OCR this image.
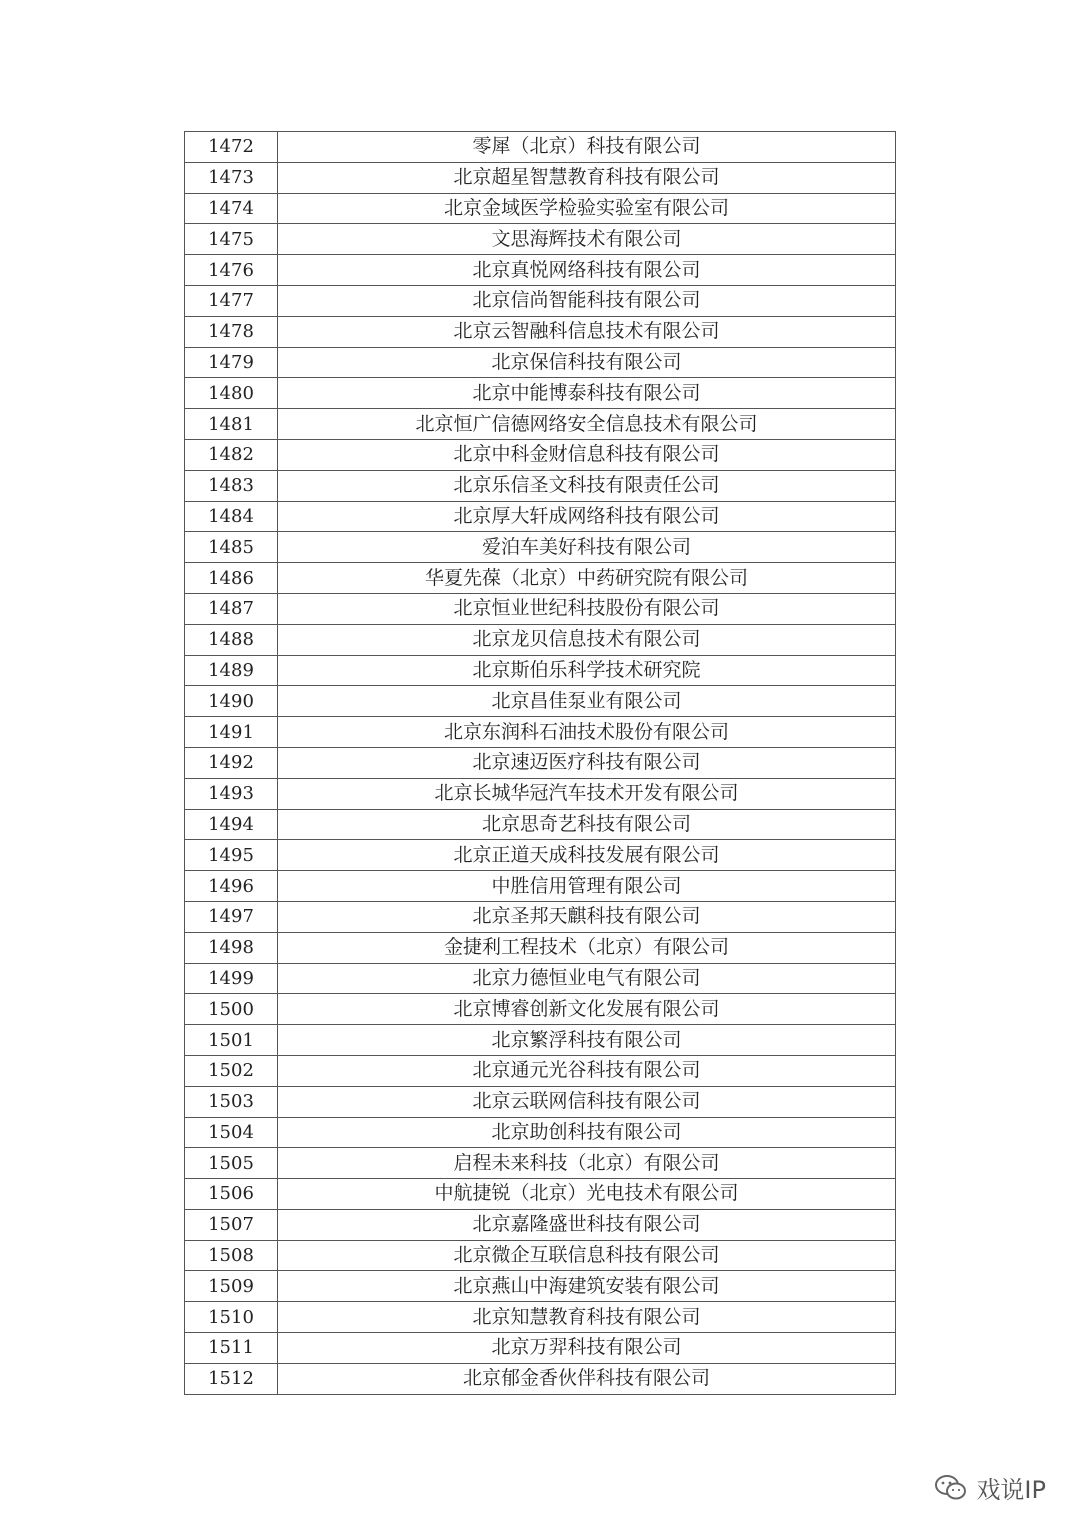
1472	零犀（北京）科技有限公司
1473	北京超星智慧教育科技有限公司
1474	北京金域医学检验实验室有限公司
1475	文思海辉技术有限公司
1476	北京真悦网络科技有限公司
1477	北京信尚智能科技有限公司
1478	北京云智融科信息技术有限公司
1479	北京保信科技有限公司
1480	北京中能博泰科技有限公司
1481	北京恒广信德网络安全信息技术有限公司
1482	北京中科金财信息科技有限公司
1483	北京乐信圣文科技有限责任公司
1484	北京厚大轩成网络科技有限公司
1485	爱泊车美好科技有限公司
1486	华夏先葆（北京）中药研究院有限公司
1487	北京恒业世纪科技股份有限公司
1488	北京龙贝信息技术有限公司
1489	北京斯伯乐科学技术研究院
1490	北京昌佳泵业有限公司
1491	北京东润科石油技术股份有限公司
1492	北京速迈医疗科技有限公司
1493	北京长城华冠汽车技术开发有限公司
1494	北京思奇艺科技有限公司
1495	北京正道天成科技发展有限公司
1496	中胜信用管理有限公司
1497	北京圣邦天麒科技有限公司
1498	金捷利工程技术（北京）有限公司
1499	北京力德恒业电气有限公司
1500	北京博睿创新文化发展有限公司
1501	北京繁浮科技有限公司
1502	北京通元光谷科技有限公司
1503	北京云联网信科技有限公司
1504	北京助创科技有限公司
1505	启程未来科技（北京）有限公司
1506	中航捷锐（北京）光电技术有限公司
1507	北京嘉隆盛世科技有限公司
1508	北京微企互联信息科技有限公司
1509	北京燕山中海建筑安装有限公司
1510	北京知慧教育科技有限公司
1511	北京万羿科技有限公司
1512	北京郁金香伙伴科技有限公司
戏说IP
